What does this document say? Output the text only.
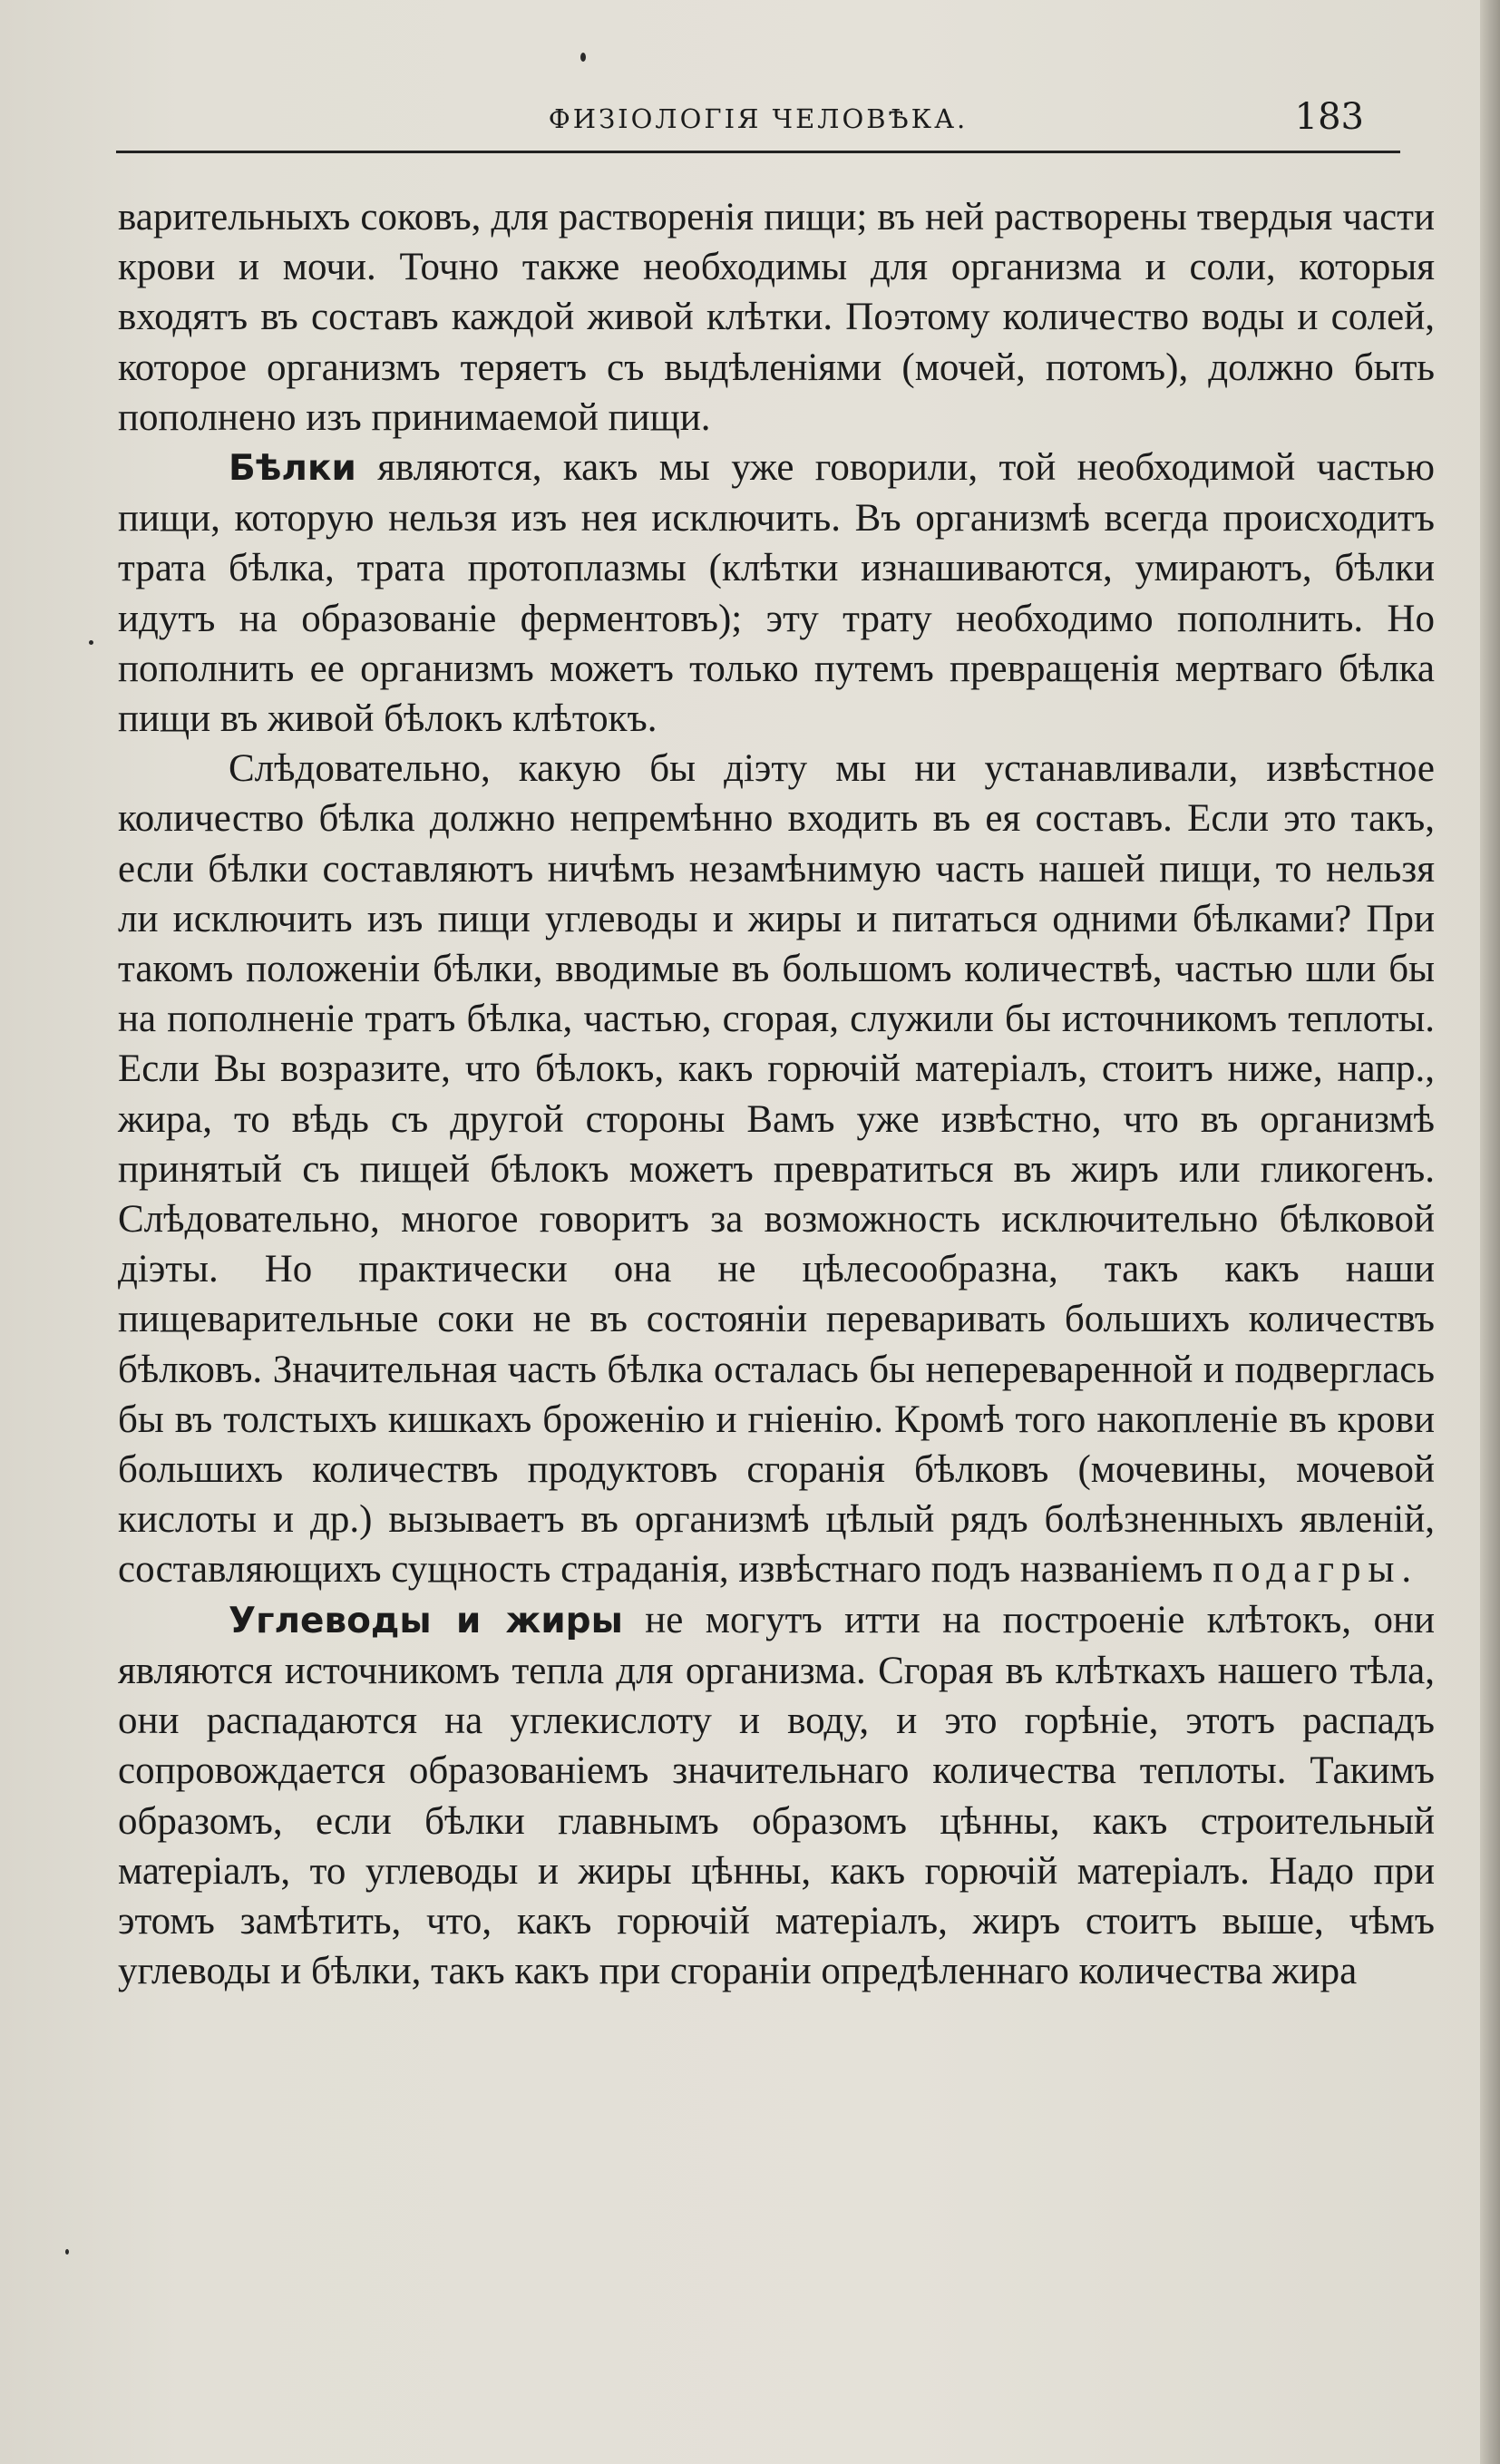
ФИЗIОЛОГIЯ ЧЕЛОВѢКА.	183

варительныхъ соковъ, для растворенiя пищи; въ ней растворены твердыя части крови и мочи. Точно также необходимы для организма и соли, которыя входятъ въ составъ каждой живой клѣтки. Поэтому количество воды и солей, которое организмъ теряетъ съ выдѣленiями (мочей, потомъ), должно быть пополнено изъ принимаемой пищи.

Бѣлки являются, какъ мы уже говорили, той необходимой частью пищи, которую нельзя изъ нея исключить. Въ организмѣ всегда происходитъ трата бѣлка, трата протоплазмы (клѣтки изнашиваются, умираютъ, бѣлки идутъ на образованiе ферментовъ); эту трату необходимо пополнить. Но пополнить ее организмъ можетъ только путемъ превращенiя мертваго бѣлка пищи въ живой бѣлокъ клѣтокъ.

Слѣдовательно, какую бы дiэту мы ни устанавливали, извѣстное количество бѣлка должно непремѣнно входить въ ея составъ. Если это такъ, если бѣлки составляютъ ничѣмъ незамѣнимую часть нашей пищи, то нельзя ли исключить изъ пищи углеводы и жиры и питаться одними бѣлками? При такомъ положенiи бѣлки, вводимые въ большомъ количествѣ, частью шли бы на пополненiе тратъ бѣлка, частью, сгорая, служили бы источникомъ теплоты. Если Вы возразите, что бѣлокъ, какъ горючiй матерiалъ, стоитъ ниже, напр., жира, то вѣдь съ другой стороны Вамъ уже извѣстно, что въ организмѣ принятый съ пищей бѣлокъ можетъ превратиться въ жиръ или гликогенъ. Слѣдовательно, многое говоритъ за возможность исключительно бѣлковой дiэты. Но практически она не цѣлесообразна, такъ какъ наши пищеварительные соки не въ состоянiи переваривать большихъ количествъ бѣлковъ. Значительная часть бѣлка осталась бы непереваренной и подверглась бы въ толстыхъ кишкахъ броженiю и гнiенiю. Кромѣ того накопленiе въ крови большихъ количествъ продуктовъ сгоранiя бѣлковъ (мочевины, мочевой кислоты и др.) вызываетъ въ организмѣ цѣлый рядъ болѣзненныхъ явленiй, составляющихъ сущность страданiя, извѣстнаго подъ названiемъ подагры.

Углеводы и жиры не могутъ итти на построенiе клѣтокъ, они являются источникомъ тепла для организма. Сгорая въ клѣткахъ нашего тѣла, они распадаются на углекислоту и воду, и это горѣнiе, этотъ распадъ сопровождается образованiемъ значительнаго количества теплоты. Такимъ образомъ, если бѣлки главнымъ образомъ цѣнны, какъ строительный матерiалъ, то углеводы и жиры цѣнны, какъ горючiй матерiалъ. Надо при этомъ замѣтить, что, какъ горючiй матерiалъ, жиръ стоитъ выше, чѣмъ углеводы и бѣлки, такъ какъ при сгоранiи опредѣленнаго количества жира
